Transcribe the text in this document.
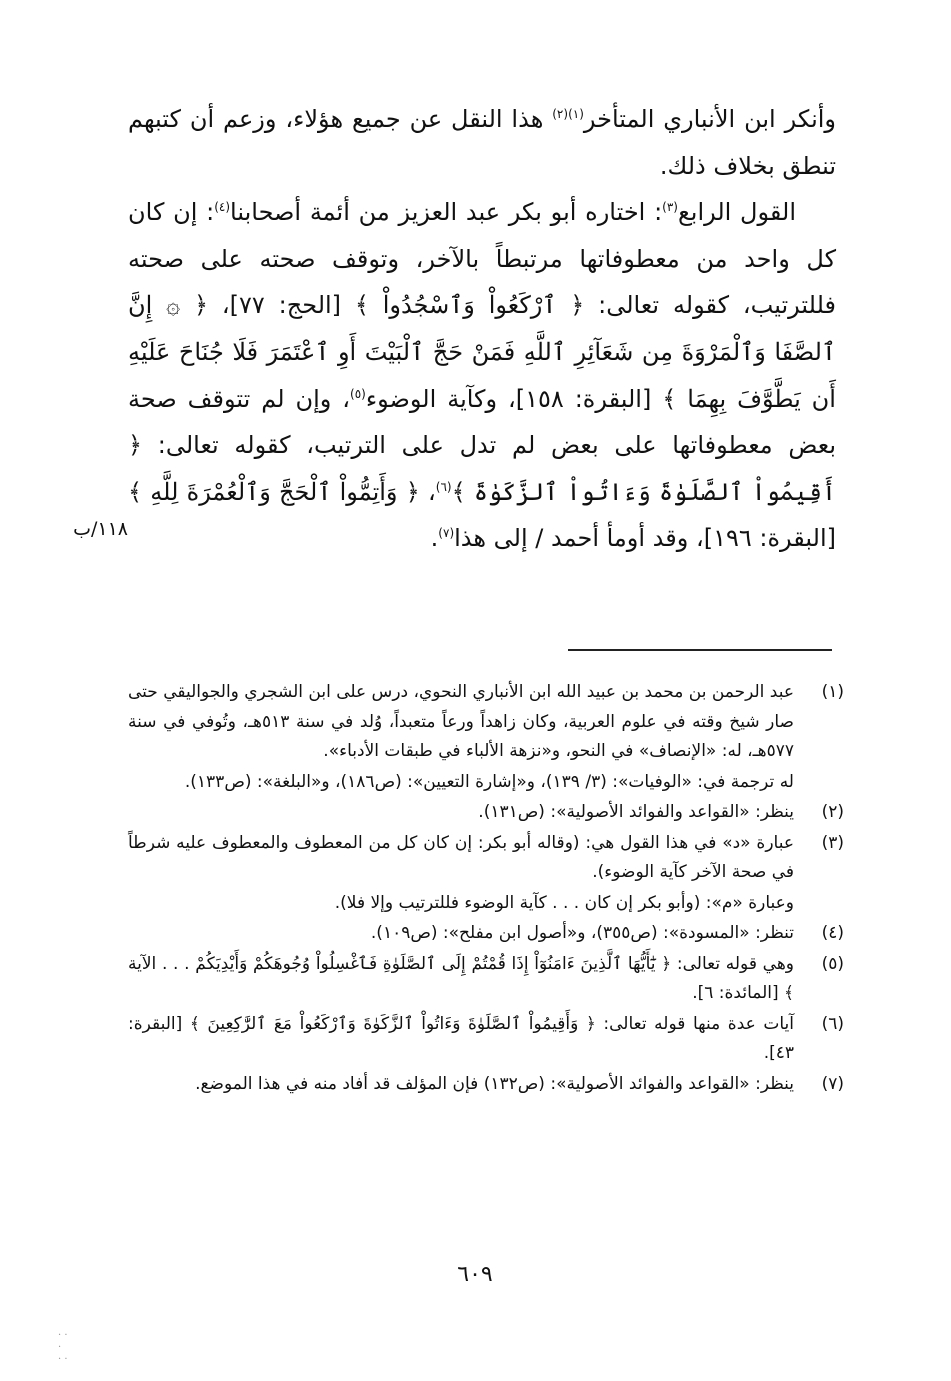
وأنكر ابن الأنباري المتأخر$^{(١)(٢)}$ هذا النقل عن جميع هؤلاء، وزعم أن كتبهم تنطق بخلاف ذلك.

القول الرابع$^{(٣)}$: اختاره أبو بكر عبد العزيز من أئمة أصحابنا$^{(٤)}$: إن كان كل واحد من معطوفاتها مرتبطاً بالآخر، وتوقف صحته على صحته فللترتيب، كقوله تعالى: ﴿ ٱرْكَعُواْ وَٱسْجُدُواْ ﴾ [الحج: ٧٧]، ﴿ ۞ إِنَّ ٱلصَّفَا وَٱلْمَرْوَةَ مِن شَعَآئِرِ ٱللَّهِ فَمَنْ حَجَّ ٱلْبَيْتَ أَوِ ٱعْتَمَرَ فَلَا جُنَاحَ عَلَيْهِ أَن يَطَّوَّفَ بِهِمَا ﴾ [البقرة: ١٥٨]، وكآية الوضوء$^{(٥)}$، وإن لم تتوقف صحة بعض معطوفاتها على بعض لم تدل على الترتيب، كقوله تعالى: ﴿ أَقِيمُواْ ٱلصَّلَوٰةَ وَءَاتُواْ ٱلزَّكَوٰةَ ﴾$^{(٦)}$، ﴿ وَأَتِمُّواْ ٱلْحَجَّ وَٱلْعُمْرَةَ لِلَّهِ ﴾ [البقرة: ١٩٦]، وقد أومأ أحمد / إلى هذا$^{(٧)}$.

١١٨/ب
(١)
عبد الرحمن بن محمد بن عبيد الله ابن الأنباري النحوي، درس على ابن الشجري والجواليقي حتى صار شيخ وقته في علوم العربية، وكان زاهداً ورعاً متعبداً، وُلد في سنة ٥١٣هـ، وتُوفي في سنة ٥٧٧هـ، له: «الإنصاف» في النحو، و«نزهة الألباء في طبقات الأدباء».
له ترجمة في: «الوفيات»: (٣/ ١٣٩)، و«إشارة التعيين»: (ص١٨٦)، و«البلغة»: (ص١٣٣).
(٢)
ينظر: «القواعد والفوائد الأصولية»: (ص١٣١).
(٣)
عبارة «د» في هذا القول هي: (وقاله أبو بكر: إن كان كل من المعطوف والمعطوف عليه شرطاً في صحة الآخر كآية الوضوء).
وعبارة «م»: (وأبو بكر إن كان . . . كآية الوضوء فللترتيب وإلا فلا).
(٤)
تنظر: «المسودة»: (ص٣٥٥)، و«أصول ابن مفلح»: (ص١٠٩).
(٥)
وهي قوله تعالى: ﴿ يَٰٓأَيُّهَا ٱلَّذِينَ ءَامَنُوٓاْ إِذَا قُمْتُمْ إِلَى ٱلصَّلَوٰةِ فَٱغْسِلُواْ وُجُوهَكُمْ وَأَيْدِيَكُمْ . . . الآية ﴾ [المائدة: ٦].
(٦)
آيات عدة منها قوله تعالى: ﴿ وَأَقِيمُواْ ٱلصَّلَوٰةَ وَءَاتُواْ ٱلزَّكَوٰةَ وَٱرْكَعُواْ مَعَ ٱلرَّٰكِعِينَ ﴾ [البقرة: ٤٣].
(٧)
ينظر: «القواعد والفوائد الأصولية»: (ص١٣٢) فإن المؤلف قد أفاد منه في هذا الموضع.
٦٠٩
· ·
·
· ·
